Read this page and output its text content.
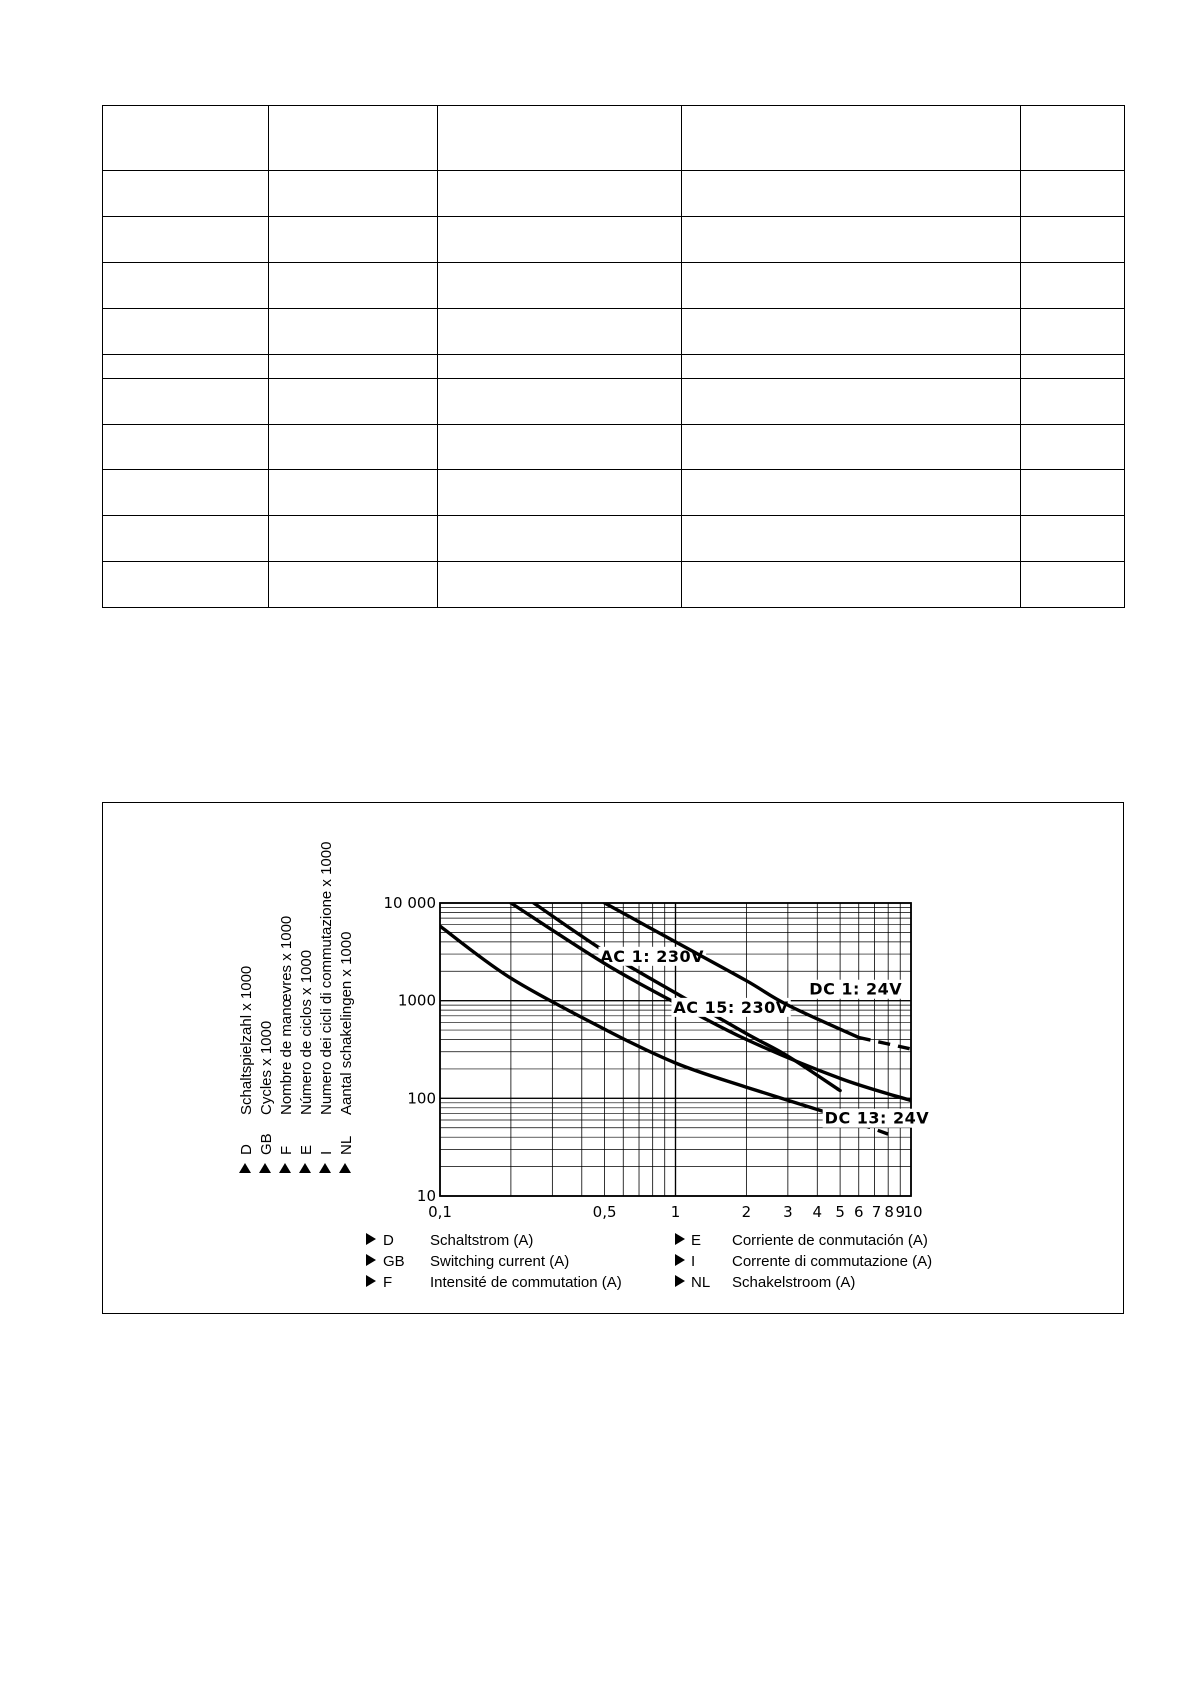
0,1	0,5	1	2 3 4 5 6 7 8 9
10
10
100
1000
10 000
AC 1: 230V
AC 15: 230V
DC 1: 24V
DC 13: 24V
D
Schaltspielzahl x 1000
GB
Cycles x 1000
F
Nombre de manœvres x 1000
E
Número de ciclos x 1000
I
Numero dei cicli di commutazione x 1000
NL
Aantal schakelingen x 1000
D Schaltstrom (A)
GB Switching current (A)
F	Intensité de commutation (A)
E Corriente de conmutación (A)
I Corrente di commutazione (A)
NL Schakelstroom (A)
